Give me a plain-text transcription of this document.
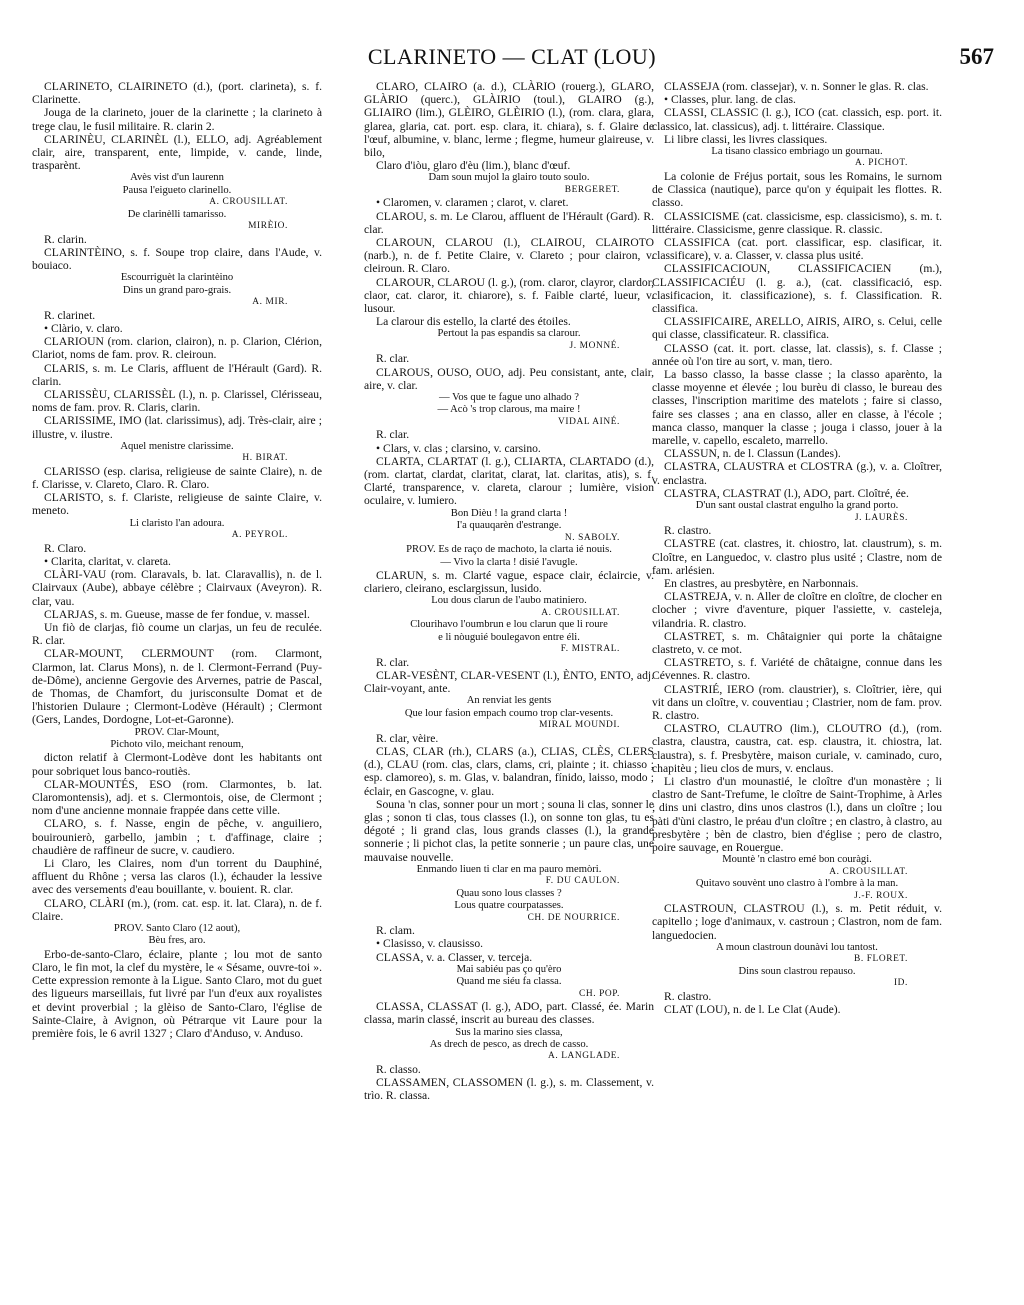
CLARINETO — CLAT (LOU)	567

CLARINETO, CLAIRINETO (d.), (port. clarineta), s. f. Clarinette.

Jouga de la clarineto, jouer de la clarinette ; la clarineto à trege clau, le fusil militaire. R. clarin 2.

CLARINÈU, CLARINÈL (l.), ELLO, adj. Agréablement clair, aire, transparent, ente, limpide, v. cande, linde, trasparènt.

Avès vist d'un laurenn
Pausa l'eigueto clarinello.
A. CROUSILLAT.
De clarinèlli tamarisso.
MIRÈIO.

R. clarin.

CLARINTÈINO, s. f. Soupe trop claire, dans l'Aude, v. bouiaco.

Escourriguèt la clarintèino
Dins un grand paro-grais.
A. MIR.

R. clarinet.

• Clàrio, v. claro.

CLARIOUN (rom. clarion, clairon), n. p. Clarion, Clérion, Clariot, noms de fam. prov. R. cleiroun.

CLARIS, s. m. Le Claris, affluent de l'Hérault (Gard). R. clarin.

CLARISSÈU, CLARISSÈL (l.), n. p. Clarissel, Clérisseau, noms de fam. prov. R. Claris, clarin.

CLARISSIME, IMO (lat. clarissimus), adj. Très-clair, aire ; illustre, v. ilustre.

Aquel menistre clarissime.
H. BIRAT.

CLARISSO (esp. clarisa, religieuse de sainte Claire), n. de f. Clarisse, v. Clareto, Claro. R. Claro.

CLARISTO, s. f. Clariste, religieuse de sainte Claire, v. meneto.

Li claristo l'an adoura.
A. PEYROL.

R. Claro.

• Clarita, claritat, v. clareta.

CLÀRI-VAU (rom. Claravals, b. lat. Claravallis), n. de l. Clairvaux (Aube), abbaye célèbre ; Clairvaux (Aveyron). R. clar, vau.

CLARJAS, s. m. Gueuse, masse de fer fondue, v. massel.

Un fiò de clarjas, fiò coume un clarjas, un feu de reculée. R. clar.

CLAR-MOUNT, CLERMOUNT (rom. Clarmont, Clarmon, lat. Clarus Mons), n. de l. Clermont-Ferrand (Puy-de-Dôme), ancienne Gergovie des Arvernes, patrie de Pascal, de Thomas, de Chamfort, du jurisconsulte Domat et de l'historien Dulaure ; Clermont-Lodève (Hérault) ; Clermont (Gers, Landes, Dordogne, Lot-et-Garonne).

PROV. Clar-Mount,
Pichoto vilo, meichant renoum,

dicton relatif à Clermont-Lodève dont les habitants ont pour sobriquet lous banco-routiès.

CLAR-MOUNTÉS, ESO (rom. Clarmontes, b. lat. Claromontensis), adj. et s. Clermontois, oise, de Clermont ; nom d'une ancienne monnaie frappée dans cette ville.

CLARO, s. f. Nasse, engin de pêche, v. anguiliero, bouirounierò, garbello, jambin ; t. d'affinage, claire ; chaudière de raffineur de sucre, v. caudiero.

Li Claro, les Claires, nom d'un torrent du Dauphiné, affluent du Rhône ; versa las claros (l.), échauder la lessive avec des versements d'eau bouillante, v. bouient. R. clar.

CLARO, CLÀRI (m.), (rom. cat. esp. it. lat. Clara), n. de f. Claire.

PROV. Santo Claro (12 aout),
Bèu fres, aro.

Erbo-de-santo-Claro, éclaire, plante ; lou mot de santo Claro, le fin mot, la clef du mystère, le « Sésame, ouvre-toi ». Cette expression remonte à la Ligue. Santo Claro, mot du guet des ligueurs marseillais, fut livré par l'un d'eux aux royalistes et devint proverbial ; la glèiso de Santo-Claro, l'église de Sainte-Claire, à Avignon, où Pétrarque vit Laure pour la première fois, le 6 avril 1327 ; Claro d'Anduso, v. Anduso.

CLARO, CLAIRO (a. d.), CLÀRIO (rouerg.), GLARO, GLÀRIO (querc.), GLÀIRIO (toul.), GLAIRO (g.), GLIAIRO (lim.), GLÈIRO, GLÈIRIO (l.), (rom. clara, glara, glarea, glaria, cat. port. esp. clara, it. chiara), s. f. Glaire de l'œuf, albumine, v. blanc, lerme ; flegme, humeur glaireuse, v. bilo,

Claro d'iòu, glaro d'èu (lim.), blanc d'œuf.

Dam soun mujol la glairo touto soulo.
BERGEREТ.

• Claromen, v. claramen ; clarot, v. claret.

CLAROU, s. m. Le Clarou, affluent de l'Hérault (Gard). R. clar.

CLAROUN, CLAROU (l.), CLAIROU, CLAIROTO (narb.), n. de f. Petite Claire, v. Clareto ; pour clairon, v. cleiroun. R. Claro.

CLAROUR, CLAROU (l. g.), (rom. claror, clayror, clardor, claor, cat. claror, it. chiarore), s. f. Faible clarté, lueur, v. lusour.

La clarour dis estello, la clarté des étoiles.

Pertout la pas espandis sa clarour.
J. MONNÉ.

R. clar.

CLAROUS, OUSO, OUO, adj. Peu consistant, ante, clair, aire, v. clar.

— Vos que te fague uno alhado ?
— Acò 's trop clarous, ma maire !
VIDAL AINÉ.

R. clar.

• Clars, v. clas ; clarsino, v. carsino.

CLARTA, CLARTAT (l. g.), CLIARTA, CLARTADO (d.), (rom. clartat, clardat, claritat, clarat, lat. claritas, atis), s. f. Clarté, transparence, v. clareta, clarour ; lumière, vision oculaire, v. lumiero.

Bon Dièu ! la grand clarta !
I'a quauqarèn d'estrange.
N. SABOLY.
PROV. Es de raço de machoto, la clarta ié nouis.
— Vivo la clarta ! disié l'avugle.

CLARUN, s. m. Clarté vague, espace clair, éclaircie, v. clariero, cleirano, esclargissun, lusido.

Lou dous clarun de l'aubo matiniero.
A. CROUSILLAT.
Clourihavo l'oumbrun e lou clarun que li roure
e li nòuguié boulegavon entre éli.
F. MISTRAL.

R. clar.

CLAR-VESÈNT, CLAR-VESENT (l.), ÈNTO, ENTO, adj. Clair-voyant, ante.

An renviat les gents
Que lour fasion empach coumo trop clar-vesents.
MIRAL MOUNDI.

R. clar, vèire.

CLAS, CLAR (rh.), CLARS (a.), CLIAS, CLÈS, CLERS (d.), CLAU (rom. clas, clars, clams, cri, plainte ; it. chiasso ; esp. clamoreo), s. m. Glas, v. balandran, fínido, laisso, modo ; éclair, en Gascogne, v. glau.

Souna 'n clas, sonner pour un mort ; souna li clas, sonner le glas ; sonon ti clas, tous classes (l.), on sonne ton glas, tu es dégoté ; li grand clas, lous grands classes (l.), la grande sonnerie ; li pichot clas, la petite sonnerie ; un paure clas, une mauvaise nouvelle.

Enmando liuen ti clar en ma pauro memòri.
F. DU CAULON.
Quau sono lous classes ?
Lous quatre courpatasses.
CH. DE NOURRICE.

R. clam.

• Clasisso, v. clausisso.

CLASSA, v. a. Classer, v. terceja.

Mai sabiéu pas ço qu'èro
Quand me siéu fa classa.
CH. POP.

CLASSA, CLASSAT (l. g.), ADO, part. Classé, ée. Marin classa, marin classé, inscrit au bureau des classes.

Sus la marino sies classa,
As drech de pesco, as drech de casso.
A. LANGLADE.

R. classo.

CLASSAMEN, CLASSOMEN (l. g.), s. m. Classement, v. trìo. R. classa.

CLASSEJA (rom. classejar), v. n. Sonner le glas. R. clas.

• Classes, plur. lang. de clas.

CLASSI, CLASSIC (l. g.), ICO (cat. classich, esp. port. it. classico, lat. classicus), adj. t. littéraire. Classique.

Li libre classi, les livres classiques.

La tisano classico embriago un gournau.
A. PICHOT.

La colonie de Fréjus portait, sous les Romains, le surnom de Classica (nautique), parce qu'on y équipait les flottes. R. classo.

CLASSICISME (cat. classicisme, esp. classicismo), s. m. t. littéraire. Classicisme, genre classique. R. classic.

CLASSIFICA (cat. port. classificar, esp. clasificar, it. classificare), v. a. Classer, v. classa plus usité.

CLASSIFICACIOUN, CLASSIFICACIEN (m.), CLASSIFICACIÉU (l. g. a.), (cat. classificació, esp. clasificacion, it. classificazione), s. f. Classification. R. classifica.

CLASSIFICAIRE, ARELLO, AIRIS, AIRO, s. Celui, celle qui classe, classificateur. R. classifica.

CLASSO (cat. it. port. classe, lat. classis), s. f. Classe ; année où l'on tire au sort, v. man, tiero.

La basso classo, la basse classe ; la classo aparènto, la classe moyenne et élevée ; lou burèu di classo, le bureau des classes, l'inscription maritime des matelots ; faire si classo, faire ses classes ; ana en classo, aller en classe, à l'école ; manca classo, manquer la classe ; jouga i classo, jouer à la marelle, v. capello, escaleto, marrello.

CLASSUN, n. de l. Classun (Landes).

CLASTRA, CLAUSTRA et CLOSTRA (g.), v. a. Cloîtrer, v. enclastra.

CLASTRA, CLASTRAT (l.), ADO, part. Cloîtré, ée.

D'un sant oustal clastrat engulho la grand porto.
J. LAURÈS.

R. clastro.

CLASTRE (cat. clastres, it. chiostro, lat. claustrum), s. m. Cloître, en Languedoc, v. clastro plus usité ; Clastre, nom de fam. arlésien.

En clastres, au presbytère, en Narbonnais.

CLASTREJA, v. n. Aller de cloître en cloître, de clocher en clocher ; vivre d'aventure, piquer l'assiette, v. casteleja, vilandria. R. clastro.

CLASTRET, s. m. Châtaignier qui porte la châtaigne clastreto, v. ce mot.

CLASTRETO, s. f. Variété de châtaigne, connue dans les Cévennes. R. clastro.

CLASTRIÉ, IERO (rom. claustrier), s. Cloîtrier, ière, qui vit dans un cloître, v. couventiau ; Clastrier, nom de fam. prov. R. clastro.

CLASTRO, CLAUTRO (lim.), CLOUTRO (d.), (rom. clastra, claustra, caustra, cat. esp. claustra, it. chiostra, lat. claustra), s. f. Presbytère, maison curiale, v. caminado, curo, chapitèu ; lieu clos de murs, v. enclaus.

Li clastro d'un mounastié, le cloître d'un monastère ; li clastro de Sant-Trefume, le cloître de Saint-Trophime, à Arles ; dins uni clastro, dins unos clastros (l.), dans un cloître ; lou pàti d'ùni clastro, le préau d'un cloître ; en clastro, à clastro, au presbytère ; bèn de clastro, bien d'église ; pero de clastro, poire sauvage, en Rouergue.

Mountè 'n clastro emé bon couràgi.
A. CROUSILLAT.
Quitavo souvènt uno clastro à l'ombre à la man.
J.-F. ROUX.

CLASTROUN, CLASTROU (l.), s. m. Petit réduit, v. capitello ; loge d'animaux, v. castroun ; Clastron, nom de fam. languedocien.

A moun clastroun dounàvi lou tantost.
B. FLORET.
Dins soun clastrou repauso.
ID.

R. clastro.

CLAT (LOU), n. de l. Le Clat (Aude).
